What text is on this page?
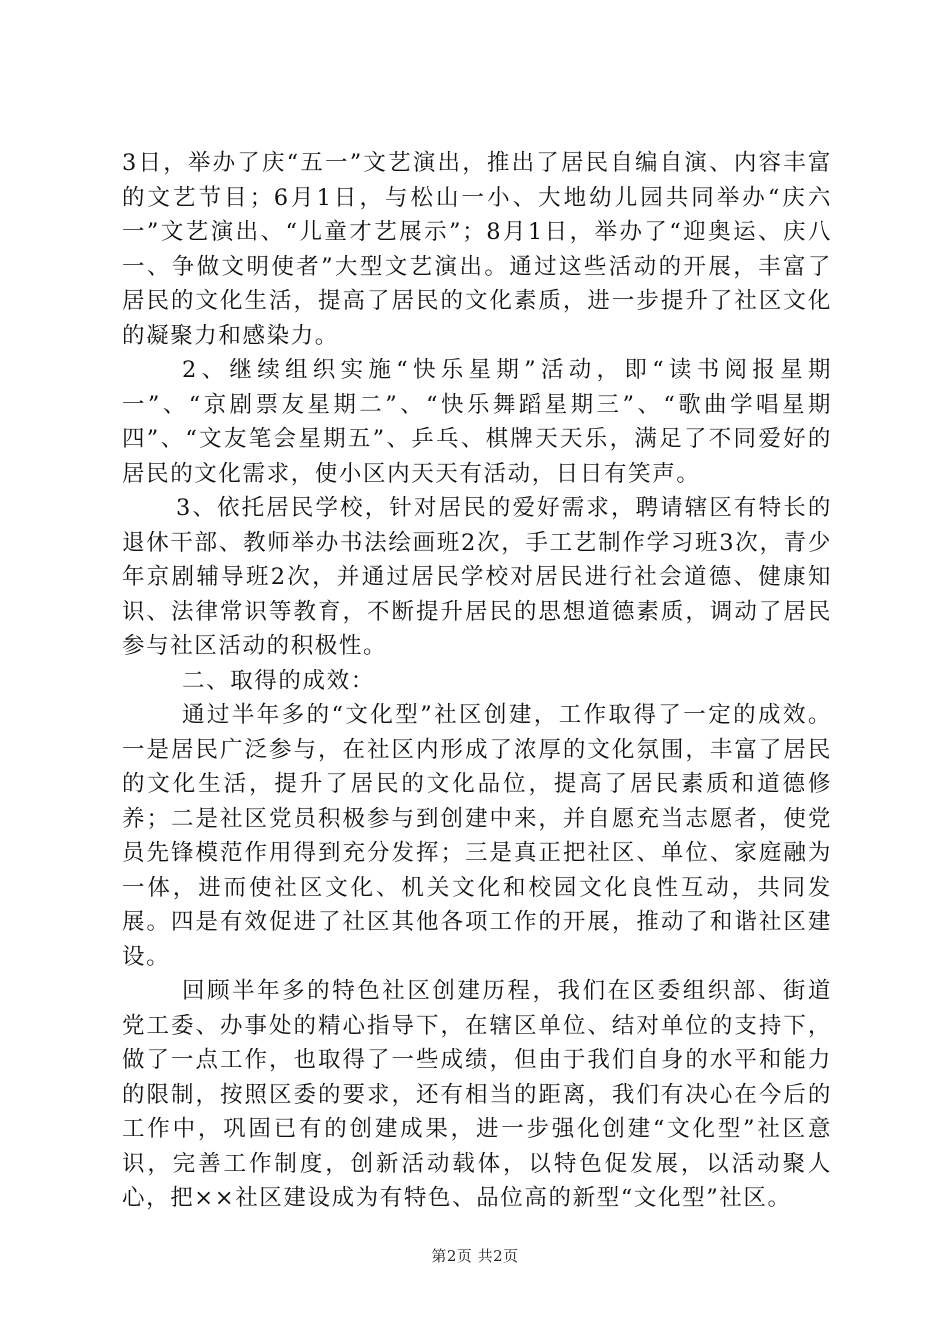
3日，举办了庆“五一”文艺演出，推出了居民自编自演、内容丰富的文艺节目；6月1日，与松山一小、大地幼儿园共同举办“庆六一”文艺演出、“儿童才艺展示”；8月1日，举办了“迎奥运、庆八一、争做文明使者”大型文艺演出。通过这些活动的开展，丰富了居民的文化生活，提高了居民的文化素质，进一步提升了社区文化的凝聚力和感染力。

2、继续组织实施“快乐星期”活动，即“读书阅报星期一”、“京剧票友星期二”、“快乐舞蹈星期三”、“歌曲学唱星期四”、“文友笔会星期五”、乒乓、棋牌天天乐，满足了不同爱好的居民的文化需求，使小区内天天有活动，日日有笑声。

3、依托居民学校，针对居民的爱好需求，聘请辖区有特长的退休干部、教师举办书法绘画班2次，手工艺制作学习班3次，青少年京剧辅导班2次，并通过居民学校对居民进行社会道德、健康知识、法律常识等教育，不断提升居民的思想道德素质，调动了居民参与社区活动的积极性。

二、取得的成效：

通过半年多的“文化型”社区创建，工作取得了一定的成效。一是居民广泛参与，在社区内形成了浓厚的文化氛围，丰富了居民的文化生活，提升了居民的文化品位，提高了居民素质和道德修养；二是社区党员积极参与到创建中来，并自愿充当志愿者，使党员先锋模范作用得到充分发挥；三是真正把社区、单位、家庭融为一体，进而使社区文化、机关文化和校园文化良性互动，共同发展。四是有效促进了社区其他各项工作的开展，推动了和谐社区建设。

回顾半年多的特色社区创建历程，我们在区委组织部、街道党工委、办事处的精心指导下，在辖区单位、结对单位的支持下，做了一点工作，也取得了一些成绩，但由于我们自身的水平和能力的限制，按照区委的要求，还有相当的距离，我们有决心在今后的工作中，巩固已有的创建成果，进一步强化创建“文化型”社区意识，完善工作制度，创新活动载体，以特色促发展，以活动聚人心，把××社区建设成为有特色、品位高的新型“文化型”社区。

第2页 共2页
